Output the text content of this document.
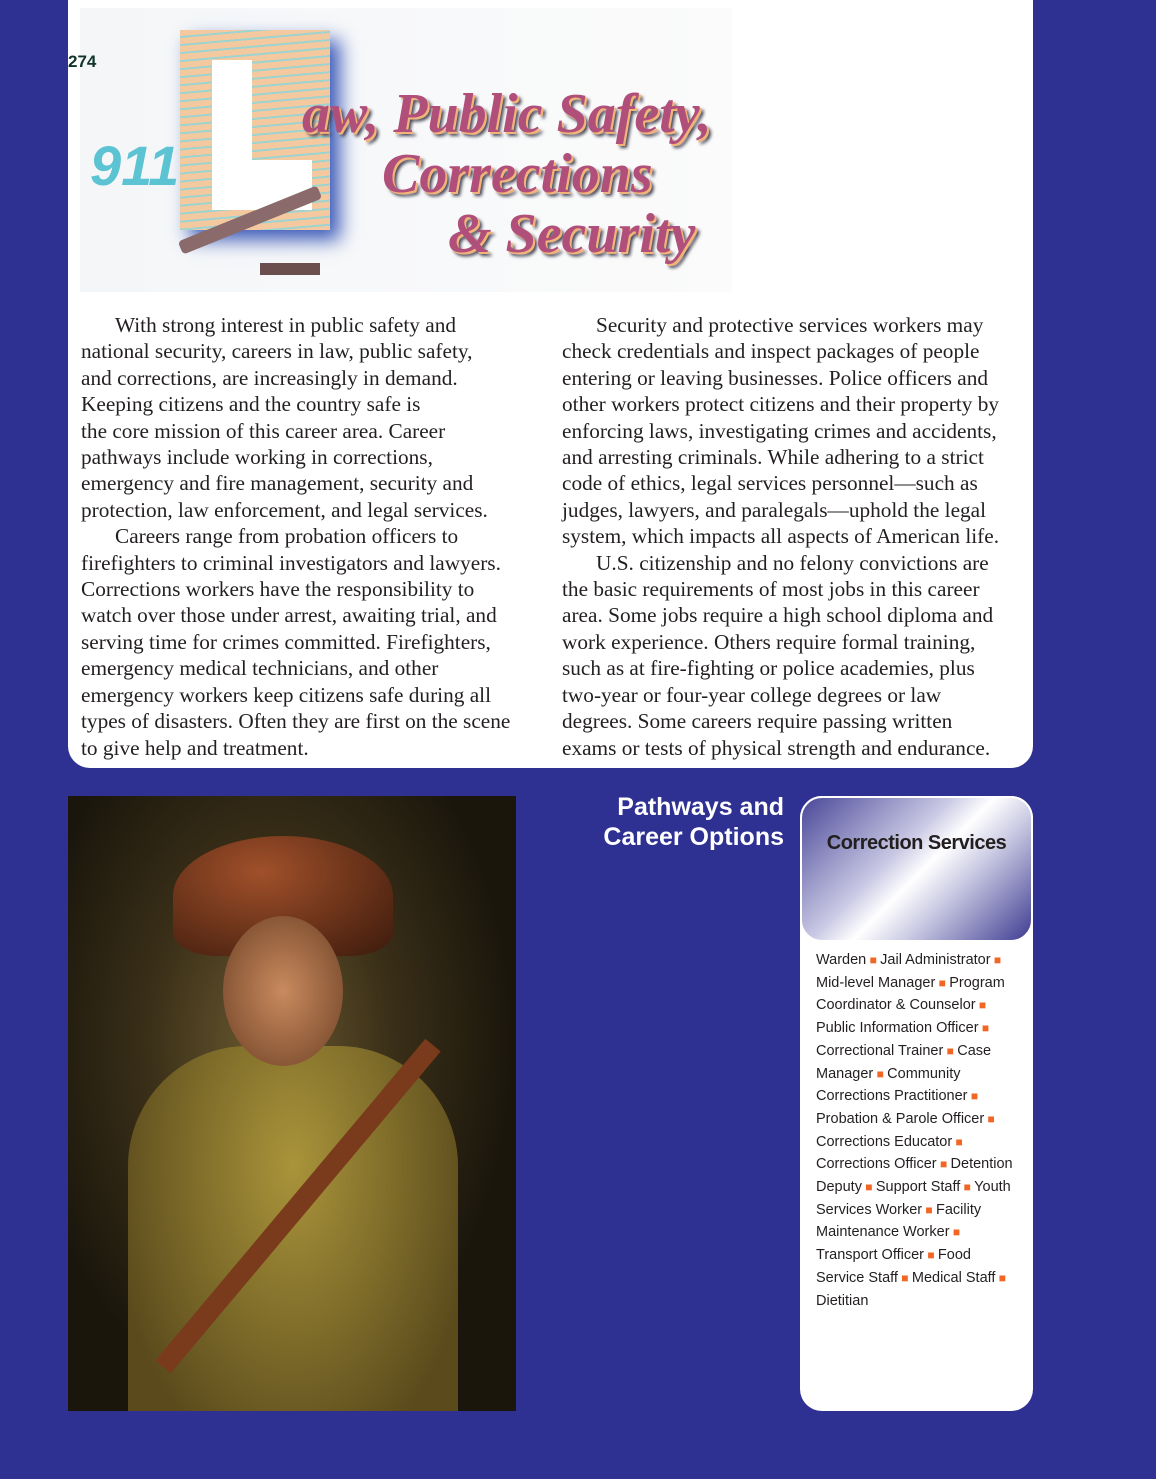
911
aw, Public Safety,
Corrections
& Security
274
With strong interest in public safety and
national security, careers in law, public safety,
and corrections, are increasingly in demand.
Keeping citizens and the country safe is
the core mission of this career area. Career
pathways include working in corrections,
emergency and fire management, security and
protection, law enforcement, and legal services.
Careers range from probation officers to
firefighters to criminal investigators and lawyers.
Corrections workers have the responsibility to
watch over those under arrest, awaiting trial, and
serving time for crimes committed. Firefighters,
emergency medical technicians, and other
emergency workers keep citizens safe during all
types of disasters. Often they are first on the scene
to give help and treatment.
Security and protective services workers may
check credentials and inspect packages of people
entering or leaving businesses. Police officers and
other workers protect citizens and their property by
enforcing laws, investigating crimes and accidents,
and arresting criminals. While adhering to a strict
code of ethics, legal services personnel—such as
judges, lawyers, and paralegals—uphold the legal
system, which impacts all aspects of American life.
U.S. citizenship and no felony convictions are
the basic requirements of most jobs in this career
area. Some jobs require a high school diploma and
work experience. Others require formal training,
such as at fire-fighting or police academies, plus
two-year or four-year college degrees or law
degrees. Some careers require passing written
exams or tests of physical strength and endurance.
Pathways and
Career Options	Correction Services
Warden ■ Jail Administrator ■ Mid-level Manager ■ Program Coordinator & Counselor ■ Public Information Officer ■ Correctional Trainer ■ Case Manager ■ Community Corrections Practitioner ■ Probation & Parole Officer ■ Corrections Educator ■ Corrections Officer ■ Detention Deputy ■ Support Staff ■ Youth Services Worker ■ Facility Maintenance Worker ■ Transport Officer ■ Food Service Staff ■ Medical Staff ■ Dietitian
